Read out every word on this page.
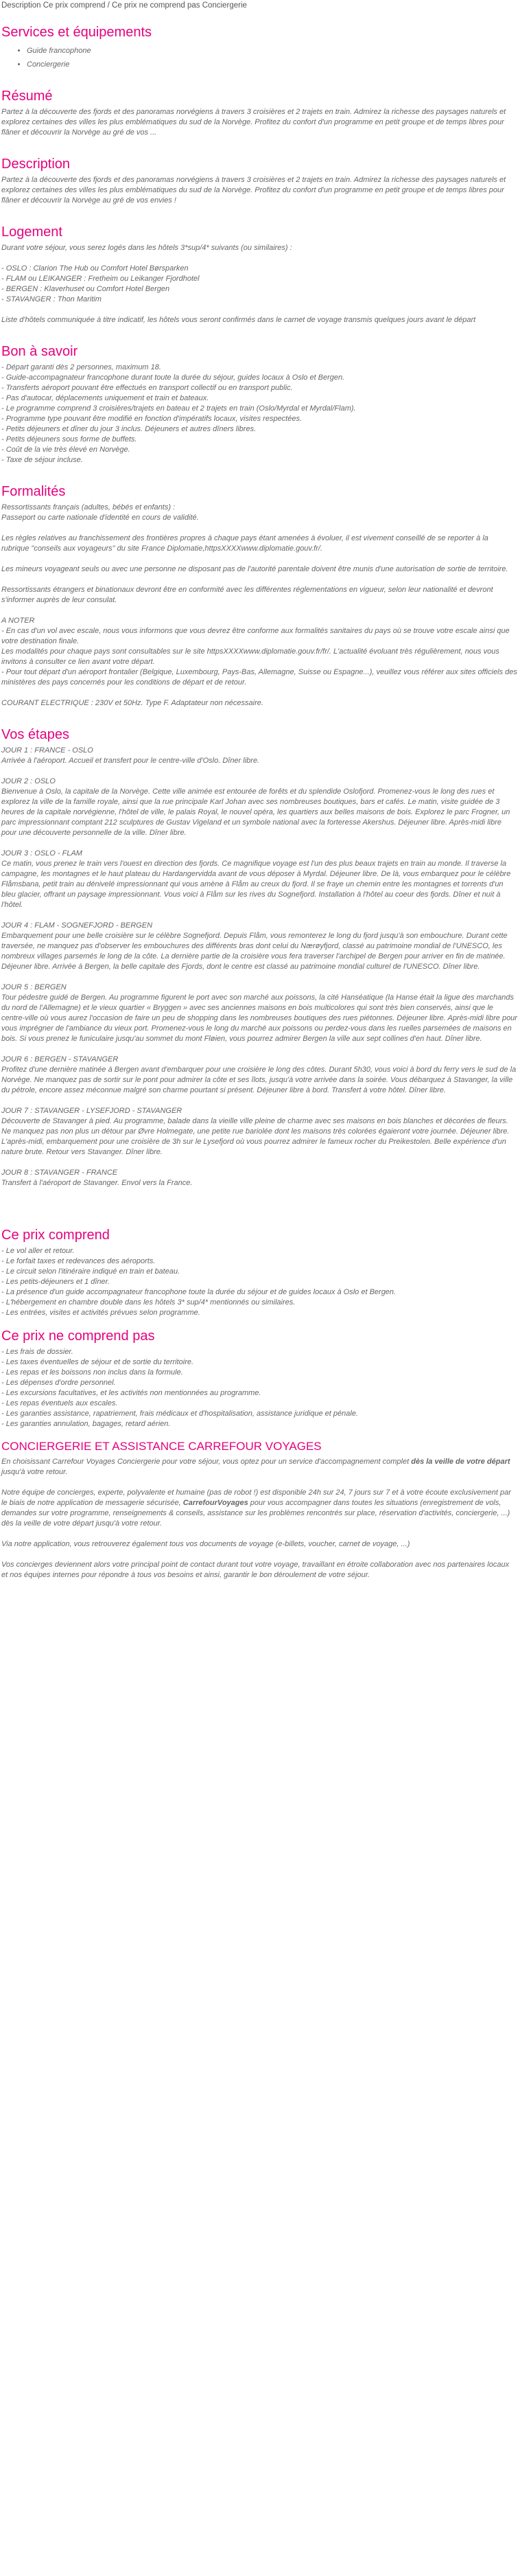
Description Ce prix comprend / Ce prix ne comprend pas Conciergerie
Services et équipements
• Guide francophone
• Conciergerie
Résumé

Partez à la découverte des fjords et des panoramas norvégiens à travers 3 croisières et 2 trajets en train. Admirez la richesse des paysages naturels et explorez certaines des villes les plus emblématiques du sud de la Norvège. Profitez du confort d'un programme en petit groupe et de temps libres pour flâner et découvrir la Norvège au gré de vos ...

Description

Partez à la découverte des fjords et des panoramas norvégiens à travers 3 croisières et 2 trajets en train. Admirez la richesse des paysages naturels et explorez certaines des villes les plus emblématiques du sud de la Norvège. Profitez du confort d'un programme en petit groupe et de temps libres pour flâner et découvrir la Norvège au gré de vos envies !

Logement
Durant votre séjour, vous serez logés dans les hôtels 3*sup/4* suivants (ou similaires) :
- OSLO : Clarion The Hub ou Comfort Hotel Børsparken
- FLAM ou LEIKANGER : Fretheim ou Leikanger Fjordhotel
- BERGEN : Klaverhuset ou Comfort Hotel Bergen
- STAVANGER : Thon Maritim
Liste d'hôtels communiquée à titre indicatif, les hôtels vous seront confirmés dans le carnet de voyage transmis quelques jours avant le départ
Bon à savoir
- Départ garanti dès 2 personnes, maximum 18.
- Guide-accompagnateur francophone durant toute la durée du séjour, guides locaux à Oslo et Bergen.
- Transferts aéroport pouvant être effectués en transport collectif ou en transport public.
- Pas d'autocar, déplacements uniquement et train et bateaux.
- Le programme comprend 3 croisières/trajets en bateau et 2 trajets en train (Oslo/Myrdal et Myrdal/Flam).
- Programme type pouvant être modifié en fonction d'impératifs locaux, visites respectées.
- Petits déjeuners et dîner du jour 3 inclus. Déjeuners et autres dîners libres.
- Petits déjeuners sous forme de buffets.
- Coût de la vie très élevé en Norvège.
- Taxe de séjour incluse.
Formalités
Ressortissants français (adultes, bébés et enfants) :
Passeport ou carte nationale d'identité en cours de validité.
Les règles relatives au franchissement des frontières propres à chaque pays étant amenées à évoluer, il est vivement conseillé de se reporter à la rubrique "conseils aux voyageurs" du site France Diplomatie,httpsXXXXwww.diplomatie.gouv.fr/.
Les mineurs voyageant seuls ou avec une personne ne disposant pas de l'autorité parentale doivent être munis d'une autorisation de sortie de territoire.
Ressortissants étrangers et binationaux devront être en conformité avec les différentes réglementations en vigueur, selon leur nationalité et devront s'informer auprès de leur consulat.
A NOTER
- En cas d'un vol avec escale, nous vous informons que vous devrez être conforme aux formalités sanitaires du pays où se trouve votre escale ainsi que votre destination finale.
Les modalités pour chaque pays sont consultables sur le site httpsXXXXwww.diplomatie.gouv.fr/fr/. L'actualité évoluant très régulièrement, nous vous invitons à consulter ce lien avant votre départ.
- Pour tout départ d'un aéroport frontalier (Belgique, Luxembourg, Pays-Bas, Allemagne, Suisse ou Espagne...), veuillez vous référer aux sites officiels des ministères des pays concernés pour les conditions de départ et de retour.
COURANT ELECTRIQUE : 230V et 50Hz. Type F. Adaptateur non nécessaire.
Vos étapes
JOUR 1 : FRANCE - OSLO

Arrivée à l'aéroport. Accueil et transfert pour le centre-ville d'Oslo. Dîner libre.

JOUR 2 : OSLO

Bienvenue à Oslo, la capitale de la Norvège. Cette ville animée est entourée de forêts et du splendide Oslofjord. Promenez-vous le long des rues et explorez la ville de la famille royale, ainsi que la rue principale Karl Johan avec ses nombreuses boutiques, bars et cafés. Le matin, visite guidée de 3 heures de la capitale norvégienne, l'hôtel de ville, le palais Royal, le nouvel opéra, les quartiers aux belles maisons de bois. Explorez le parc Frogner, un parc impressionnant comptant 212 sculptures de Gustav Vigeland et un symbole national avec la forteresse Akershus. Déjeuner libre. Après-midi libre pour une découverte personnelle de la ville. Dîner libre.

JOUR 3 : OSLO - FLAM

Ce matin, vous prenez le train vers l'ouest en direction des fjords. Ce magnifique voyage est l'un des plus beaux trajets en train au monde. Il traverse la campagne, les montagnes et le haut plateau du Hardangervidda avant de vous déposer à Myrdal. Déjeuner libre. De là, vous embarquez pour le célèbre Flåmsbana, petit train au dénivelé impressionnant qui vous amène à Flåm au creux du fjord. Il se fraye un chemin entre les montagnes et torrents d'un bleu glacier, offrant un paysage impressionnant. Vous voici à Flåm sur les rives du Sognefjord. Installation à l'hôtel au coeur des fjords. Dîner et nuit à l'hôtel.

JOUR 4 : FLAM - SOGNEFJORD - BERGEN

Embarquement pour une belle croisière sur le célèbre Sognefjord. Depuis Flåm, vous remonterez le long du fjord jusqu'à son embouchure. Durant cette traversée, ne manquez pas d'observer les embouchures des différents bras dont celui du Nærøyfjord, classé au patrimoine mondial de l'UNESCO, les nombreux villages parsemés le long de la côte. La dernière partie de la croisière vous fera traverser l'archipel de Bergen pour arriver en fin de matinée. Déjeuner libre. Arrivée à Bergen, la belle capitale des Fjords, dont le centre est classé au patrimoine mondial culturel de l'UNESCO. Dîner libre.

JOUR 5 : BERGEN

Tour pédestre guidé de Bergen. Au programme figurent le port avec son marché aux poissons, la cité Hanséatique (la Hanse était la ligue des marchands du nord de l'Allemagne) et le vieux quartier « Bryggen » avec ses anciennes maisons en bois multicolores qui sont très bien conservés, ainsi que le centre-ville où vous aurez l'occasion de faire un peu de shopping dans les nombreuses boutiques des rues piétonnes. Déjeuner libre. Après-midi libre pour vous imprégner de l'ambiance du vieux port. Promenez-vous le long du marché aux poissons ou perdez-vous dans les ruelles parsemées de maisons en bois. Si vous prenez le funiculaire jusqu'au sommet du mont Fløien, vous pourrez admirer Bergen la ville aux sept collines d'en haut. Dîner libre.

JOUR 6 : BERGEN - STAVANGER

Profitez d'une dernière matinée à Bergen avant d'embarquer pour une croisière le long des côtes. Durant 5h30, vous voici à bord du ferry vers le sud de la Norvège. Ne manquez pas de sortir sur le pont pour admirer la côte et ses îlots, jusqu'à votre arrivée dans la soirée. Vous débarquez à Stavanger, la ville du pétrole, encore assez méconnue malgré son charme pourtant si présent. Déjeuner libre à bord. Transfert à votre hôtel. Dîner libre.

JOUR 7 : STAVANGER - LYSEFJORD - STAVANGER

Découverte de Stavanger à pied. Au programme, balade dans la vieille ville pleine de charme avec ses maisons en bois blanches et décorées de fleurs. Ne manquez pas non plus un détour par Øvre Holmegate, une petite rue bariolée dont les maisons très colorées égaieront votre journée. Déjeuner libre. L'après-midi, embarquement pour une croisière de 3h sur le Lysefjord où vous pourrez admirer le fameux rocher du Preikestolen. Belle expérience d'un nature brute. Retour vers Stavanger. Dîner libre.

JOUR 8 : STAVANGER - FRANCE

Transfert à l'aéroport de Stavanger. Envol vers la France.

Ce prix comprend
- Le vol aller et retour.
- Le forfait taxes et redevances des aéroports.
- Le circuit selon l'itinéraire indiqué en train et bateau.
- Les petits-déjeuners et 1 dîner.
- La présence d'un guide accompagnateur francophone toute la durée du séjour et de guides locaux à Oslo et Bergen.
- L'hébergement en chambre double dans les hôtels 3* sup/4* mentionnés ou similaires.
- Les entrées, visites et activités prévues selon programme.
Ce prix ne comprend pas
- Les frais de dossier.
- Les taxes éventuelles de séjour et de sortie du territoire.
- Les repas et les boissons non inclus dans la formule.
- Les dépenses d'ordre personnel.
- Les excursions facultatives, et les activités non mentionnées au programme.
- Les repas éventuels aux escales.
- Les garanties assistance, rapatriement, frais médicaux et d'hospitalisation, assistance juridique et pénale.
- Les garanties annulation, bagages, retard aérien.
CONCIERGERIE ET ASSISTANCE CARREFOUR VOYAGES

En choisissant Carrefour Voyages Conciergerie pour votre séjour, vous optez pour un service d'accompagnement complet dès la veille de votre départ jusqu'à votre retour.

Notre équipe de concierges, experte, polyvalente et humaine (pas de robot !) est disponible 24h sur 24, 7 jours sur 7 et à votre écoute exclusivement par le biais de notre application de messagerie sécurisée, CarrefourVoyages pour vous accompagner dans toutes les situations (enregistrement de vols, demandes sur votre programme, renseignements & conseils, assistance sur les problèmes rencontrés sur place, réservation d'activités, conciergerie, ...) dès la veille de votre départ jusqu'à votre retour.

Via notre application, vous retrouverez également tous vos documents de voyage (e-billets, voucher, carnet de voyage, ...)

Vos concierges deviennent alors votre principal point de contact durant tout votre voyage, travaillant en étroite collaboration avec nos partenaires locaux et nos équipes internes pour répondre à tous vos besoins et ainsi, garantir le bon déroulement de votre séjour.
